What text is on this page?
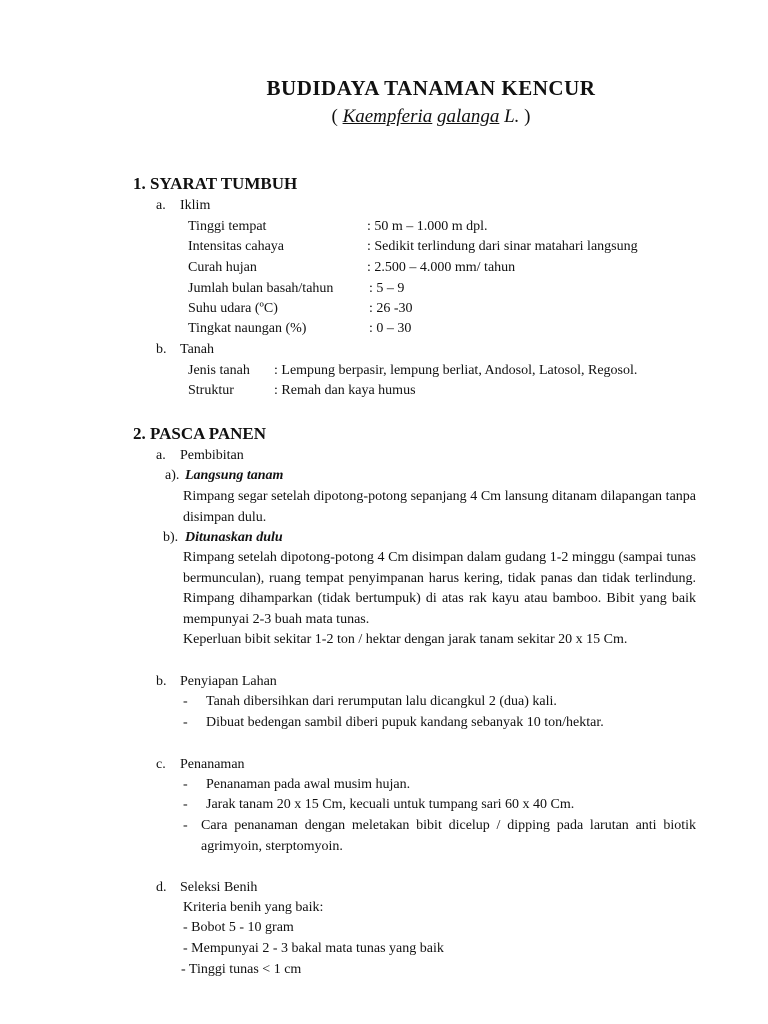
BUDIDAYA TANAMAN KENCUR
( Kaempferia galanga L. )
1. SYARAT TUMBUH
a. Iklim
Tinggi tempat	: 50 m – 1.000 m dpl.
Intensitas cahaya	: Sedikit terlindung dari sinar matahari langsung
Curah hujan	: 2.500 – 4.000 mm/ tahun
Jumlah bulan basah/tahun	: 5 – 9
Suhu udara (ºC)	: 26 -30
Tingkat naungan (%)	: 0 – 30
b. Tanah
Jenis tanah : Lempung berpasir, lempung berliat, Andosol, Latosol, Regosol.
Struktur	: Remah dan kaya humus
2. PASCA PANEN
a. Pembibitan
a). Langsung tanam
Rimpang segar setelah dipotong-potong sepanjang 4 Cm lansung ditanam dilapangan tanpa disimpan dulu.
b). Ditunaskan dulu
Rimpang setelah dipotong-potong 4 Cm disimpan dalam gudang 1-2 minggu (sampai tunas bermunculan), ruang tempat penyimpanan harus kering, tidak panas dan tidak terlindung. Rimpang dihamparkan (tidak bertumpuk) di atas rak kayu atau bamboo. Bibit yang baik mempunyai 2-3 buah mata tunas.
Keperluan bibit sekitar 1-2 ton / hektar dengan jarak tanam sekitar 20 x 15 Cm.
b. Penyiapan Lahan
- Tanah dibersihkan dari rerumputan lalu dicangkul 2 (dua) kali.
- Dibuat bedengan sambil diberi pupuk kandang sebanyak 10 ton/hektar.
c. Penanaman
- Penanaman pada awal musim hujan.
- Jarak tanam 20 x 15 Cm, kecuali untuk tumpang sari 60 x 40 Cm.
- Cara penanaman dengan meletakan bibit dicelup / dipping pada larutan anti biotik agrimyoin, sterptomyoin.
d. Seleksi Benih
Kriteria benih yang baik:
- Bobot 5 - 10 gram
- Mempunyai 2 - 3 bakal mata tunas yang baik
- Tinggi tunas < 1 cm
